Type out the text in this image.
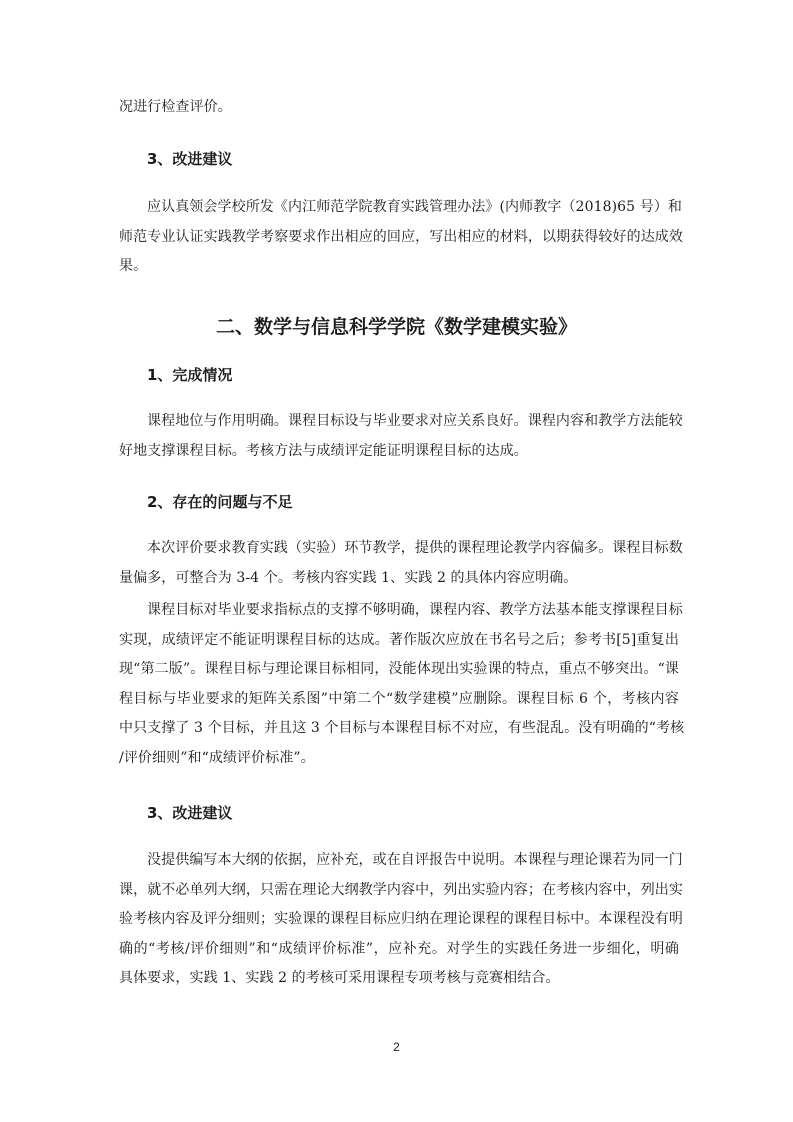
况进行检查评价。

3、改进建议

应认真领会学校所发《内江师范学院教育实践管理办法》(内师教字（2018)65 号）和
师范专业认证实践教学考察要求作出相应的回应，写出相应的材料，以期获得较好的达成效
果。

二、数学与信息科学学院《数学建模实验》
1、完成情况

课程地位与作用明确。课程目标设与毕业要求对应关系良好。课程内容和教学方法能较
好地支撑课程目标。考核方法与成绩评定能证明课程目标的达成。

2、存在的问题与不足

本次评价要求教育实践（实验）环节教学，提供的课程理论教学内容偏多。课程目标数
量偏多，可整合为 3-4 个。考核内容实践 1、实践 2 的具体内容应明确。

课程目标对毕业要求指标点的支撑不够明确，课程内容、教学方法基本能支撑课程目标
实现，成绩评定不能证明课程目标的达成。著作版次应放在书名号之后；参考书[5]重复出
现“第二版”。课程目标与理论课目标相同，没能体现出实验课的特点，重点不够突出。“课
程目标与毕业要求的矩阵关系图”中第二个“数学建模”应删除。课程目标 6 个，考核内容
中只支撑了 3 个目标，并且这 3 个目标与本课程目标不对应，有些混乱。没有明确的“考核
/评价细则”和“成绩评价标准”。

3、改进建议

没提供编写本大纲的依据，应补充，或在自评报告中说明。本课程与理论课若为同一门
课，就不必单列大纲，只需在理论大纲教学内容中，列出实验内容；在考核内容中，列出实
验考核内容及评分细则；实验课的课程目标应归纳在理论课程的课程目标中。本课程没有明
确的“考核/评价细则”和“成绩评价标准”，应补充。对学生的实践任务进一步细化，明确
具体要求，实践 1、实践 2 的考核可采用课程专项考核与竞赛相结合。

2
